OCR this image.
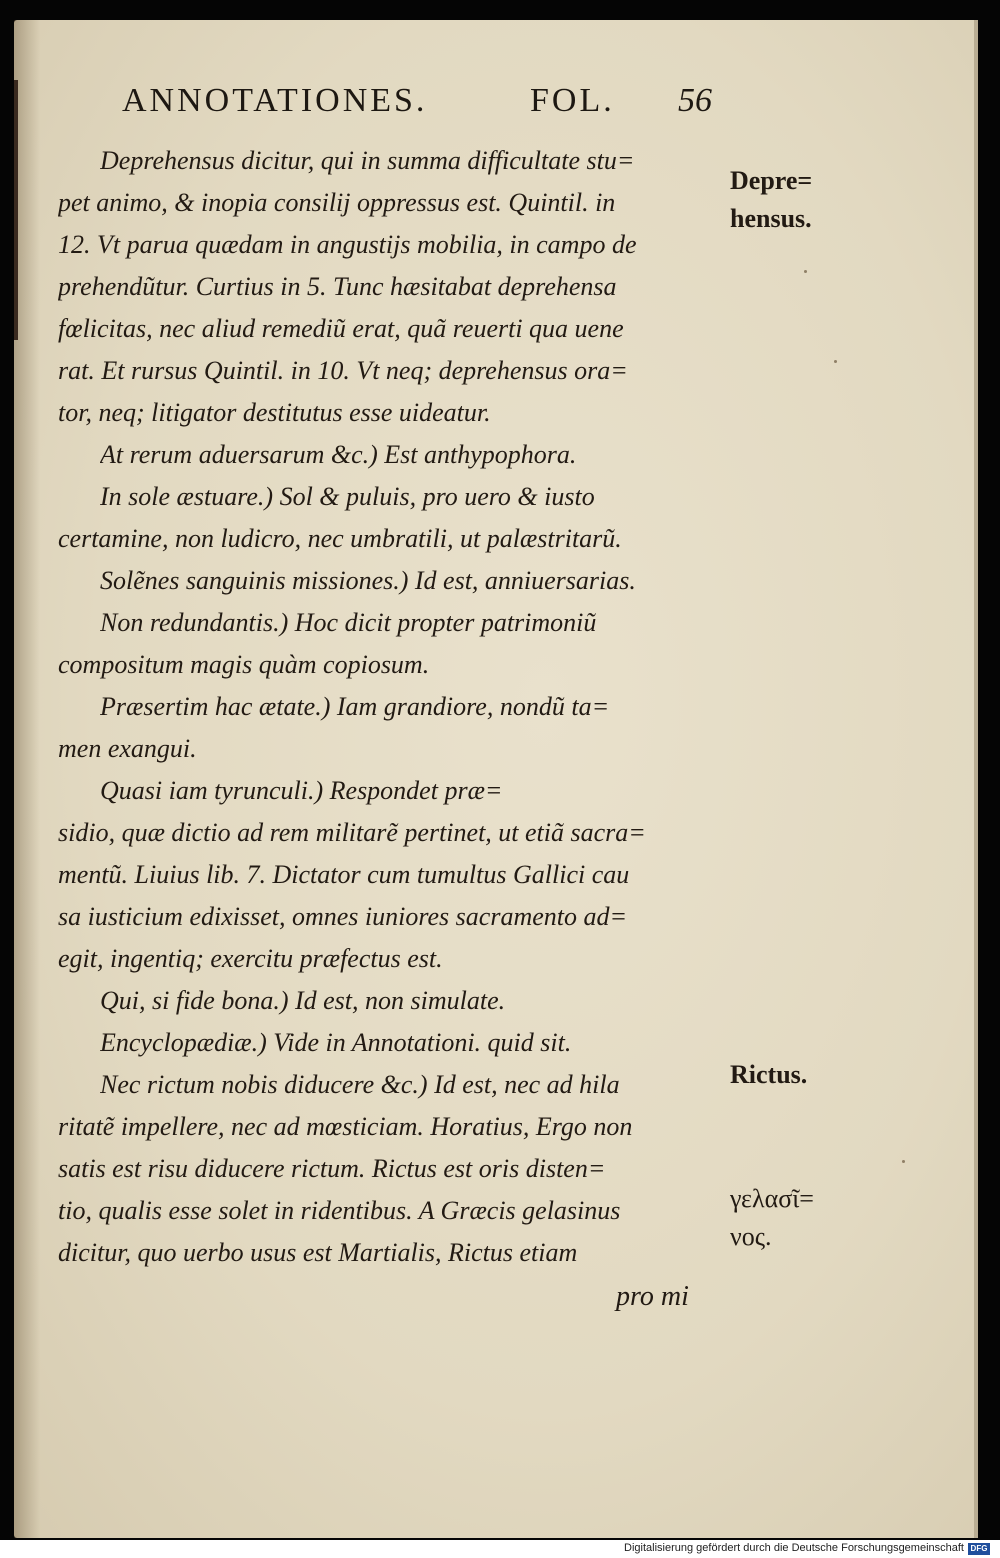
ANNOTATIONES.	FOL. 56
Deprehensus dicitur, qui in summa difficultate stu=
pet animo, & inopia consilij oppressus est. Quintil. in
12. Vt parua quædam in angustijs mobilia, in campo de
prehendũtur. Curtius in 5. Tunc hæsitabat deprehensa
fœlicitas, nec aliud remediũ erat, quã reuerti qua uene
rat. Et rursus Quintil. in 10. Vt neq; deprehensus ora=
tor, neq; litigator destitutus esse uideatur.
At rerum aduersarum &c.) Est anthypophora.
In sole æstuare.) Sol & puluis, pro uero & iusto
certamine, non ludicro, nec umbratili, ut palæstritarũ.
Solẽnes sanguinis missiones.) Id est, anniuersarias.
Non redundantis.) Hoc dicit propter patrimoniũ
compositum magis quàm copiosum.
Præsertim hac ætate.) Iam grandiore, nondũ ta=
men exangui.
Quasi iam tyrunculi.) Respondet præ=
sidio, quæ dictio ad rem militarẽ pertinet, ut etiã sacra=
mentũ. Liuius lib. 7. Dictator cum tumultus Gallici cau
sa iusticium edixisset, omnes iuniores sacramento ad=
egit, ingentiq; exercitu præfectus est.
Qui, si fide bona.) Id est, non simulate.
Encyclopædiæ.) Vide in Annotationi. quid sit.
Nec rictum nobis diducere &c.) Id est, nec ad hila
ritatẽ impellere, nec ad mœsticiam. Horatius, Ergo non
satis est risu diducere rictum. Rictus est oris disten=
tio, qualis esse solet in ridentibus. A Græcis gelasinus
dicitur, quo uerbo usus est Martialis, Rictus etiam
pro mi
Depre=
hensus.
Rictus.
γελασῖ=
νος.
Digitalisierung gefördert durch die Deutsche Forschungsgemeinschaft DFG
